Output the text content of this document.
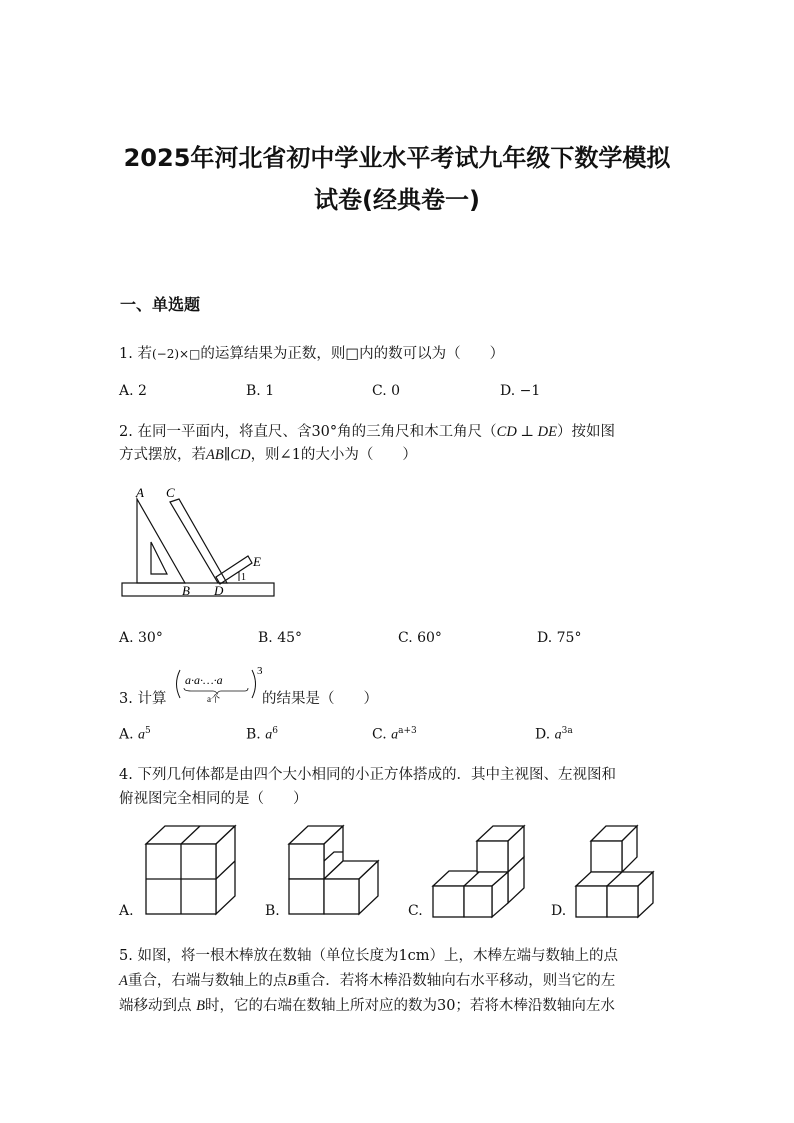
2025年河北省初中学业水平考试九年级下数学模拟
试卷(经典卷一)
一、单选题
1. 若(−2)×□的运算结果为正数，则□内的数可以为（　　）
A. 2	B. 1	C. 0	D. −1
2. 在同一平面内，将直尺、含30°角的三角尺和木工角尺（CD ⊥ DE）按如图
方式摆放，若AB∥CD，则∠1的大小为（　　）
A C
E
B D
1
A. 30°	B. 45°	C. 60°	D. 75°
3. 计算
a·a·…·a
a个
3
的结果是（　　）
A. $a^5$	B. $a^6$	C. $a^{a+3}$	D. $a^{3a}$
4. 下列几何体都是由四个大小相同的小正方体搭成的．其中主视图、左视图和
俯视图完全相同的是（　　）
A.	B.	C.	D.
5. 如图，将一根木棒放在数轴（单位长度为1cm）上，木棒左端与数轴上的点
A重合，右端与数轴上的点B重合．若将木棒沿数轴向右水平移动，则当它的左
端移动到点 B时，它的右端在数轴上所对应的数为30；若将木棒沿数轴向左水
